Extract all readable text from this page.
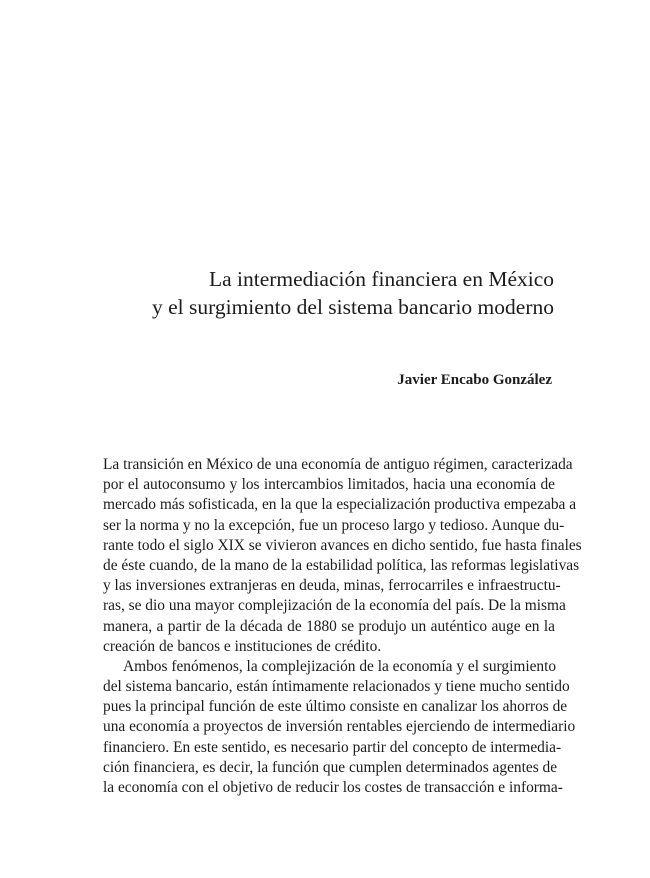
La intermediación financiera en México
y el surgimiento del sistema bancario moderno
Javier Encabo González
La transición en México de una economía de antiguo régimen, caracterizada
por el autoconsumo y los intercambios limitados, hacia una economía de
mercado más sofisticada, en la que la especialización productiva empezaba a
ser la norma y no la excepción, fue un proceso largo y tedioso. Aunque du-
rante todo el siglo XIX se vivieron avances en dicho sentido, fue hasta finales
de éste cuando, de la mano de la estabilidad política, las reformas legislativas
y las inversiones extranjeras en deuda, minas, ferrocarriles e infraestructu-
ras, se dio una mayor complejización de la economía del país. De la misma
manera, a partir de la década de 1880 se produjo un auténtico auge en la
creación de bancos e instituciones de crédito.
Ambos fenómenos, la complejización de la economía y el surgimiento
del sistema bancario, están íntimamente relacionados y tiene mucho sentido
pues la principal función de este último consiste en canalizar los ahorros de
una economía a proyectos de inversión rentables ejerciendo de intermediario
financiero. En este sentido, es necesario partir del concepto de intermedia-
ción financiera, es decir, la función que cumplen determinados agentes de
la economía con el objetivo de reducir los costes de transacción e informa-
